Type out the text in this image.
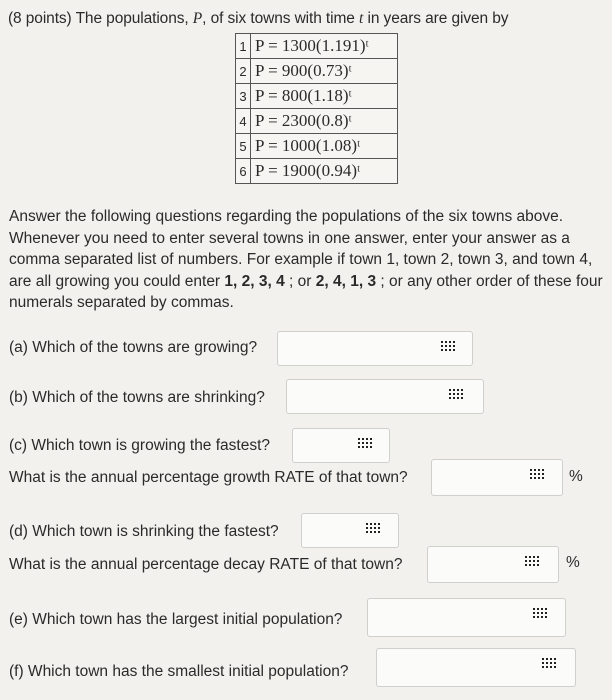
(8 points) The populations, P, of six towns with time t in years are given by
1	P = 1300(1.191)ᵗ
2	P = 900(0.73)ᵗ
3	P = 800(1.18)ᵗ
4	P = 2300(0.8)ᵗ
5	P = 1000(1.08)ᵗ
6	P = 1900(0.94)ᵗ
Answer the following questions regarding the populations of the six towns above. Whenever you need to enter several towns in one answer, enter your answer as a comma separated list of numbers. For example if town 1, town 2, town 3, and town 4, are all growing you could enter 1, 2, 3, 4 ; or 2, 4, 1, 3 ; or any other order of these four numerals separated by commas.
(a) Which of the towns are growing?
(b) Which of the towns are shrinking?
(c) Which town is growing the fastest?
What is the annual percentage growth RATE of that town?	%
(d) Which town is shrinking the fastest?
What is the annual percentage decay RATE of that town?	%
(e) Which town has the largest initial population?
(f) Which town has the smallest initial population?
